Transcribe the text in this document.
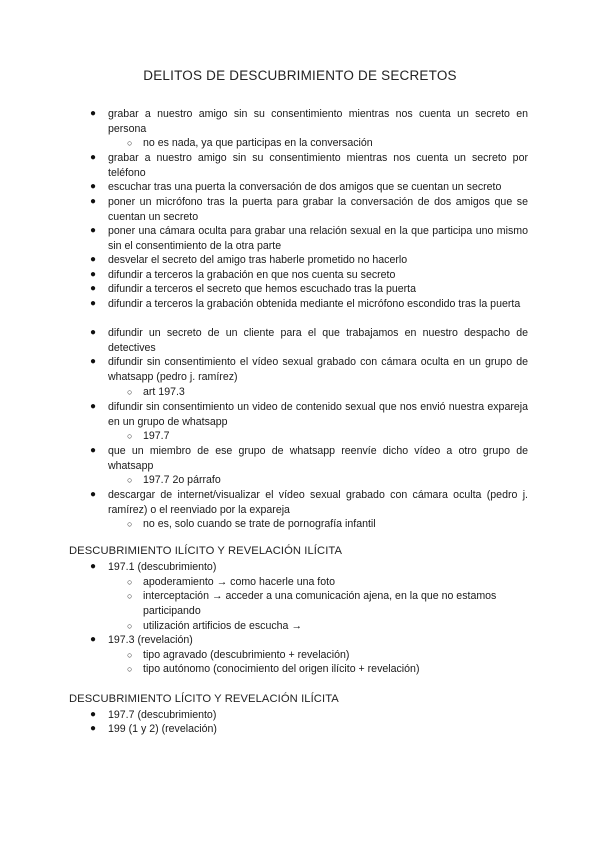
DELITOS DE DESCUBRIMIENTO DE SECRETOS
● grabar a nuestro amigo sin su consentimiento mientras nos cuenta un secreto en persona
○ no es nada, ya que participas en la conversación
● grabar a nuestro amigo sin su consentimiento mientras nos cuenta un secreto por teléfono
● escuchar tras una puerta la conversación de dos amigos que se cuentan un secreto
● poner un micrófono tras la puerta para grabar la conversación de dos amigos que se cuentan un secreto
● poner una cámara oculta para grabar una relación sexual en la que participa uno mismo sin el consentimiento de la otra parte
● desvelar el secreto del amigo tras haberle prometido no hacerlo
● difundir a terceros la grabación en que nos cuenta su secreto
● difundir a terceros el secreto que hemos escuchado tras la puerta
● difundir a terceros la grabación obtenida mediante el micrófono escondido tras la puerta
● difundir un secreto de un cliente para el que trabajamos en nuestro despacho de detectives
● difundir sin consentimiento el vídeo sexual grabado con cámara oculta en un grupo de whatsapp (pedro j. ramírez)
○ art 197.3
● difundir sin consentimiento un video de contenido sexual que nos envió nuestra expareja en un grupo de whatsapp
○ 197.7
● que un miembro de ese grupo de whatsapp reenvíe dicho vídeo a otro grupo de whatsapp
○ 197.7 2o párrafo
● descargar de internet/visualizar el vídeo sexual grabado con cámara oculta (pedro j. ramírez) o el reenviado por la expareja
○ no es, solo cuando se trate de pornografía infantil
DESCUBRIMIENTO ILÍCITO Y REVELACIÓN ILÍCITA
● 197.1 (descubrimiento)
○ apoderamiento → como hacerle una foto
○ interceptación → acceder a una comunicación ajena, en la que no estamos participando
○ utilización artificios de escucha →
● 197.3 (revelación)
○ tipo agravado (descubrimiento + revelación)
○ tipo autónomo (conocimiento del origen ilícito + revelación)
DESCUBRIMIENTO LÍCITO Y REVELACIÓN ILÍCITA
● 197.7 (descubrimiento)
● 199 (1 y 2) (revelación)
